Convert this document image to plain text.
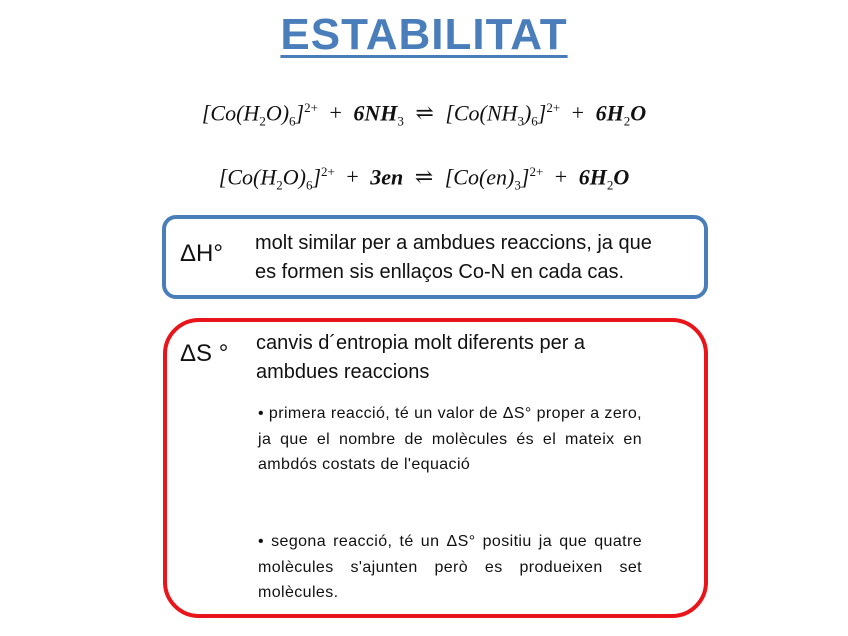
ESTABILITAT
$[Co(H_2O)_6]^{2+} + 6NH_3$ ⇌ $[Co(NH_3)_6]^{2+} + 6H_2O$
$[Co(H_2O)_6]^{2+} + 3en$ ⇌ $[Co(en)_3]^{2+} + 6H_2O$
ΔH° molt similar per a ambdues reaccions, ja que
es formen sis enllaços Co-N en cada cas.
ΔS ° canvis d´entropia molt diferents per a
ambdues reaccions
• primera reacció, té un valor de ΔS° proper a zero, ja que el nombre de molècules és el mateix en ambdós costats de l'equació
• segona reacció, té un ΔS° positiu ja que quatre molècules s'ajunten però es produeixen set molècules.
